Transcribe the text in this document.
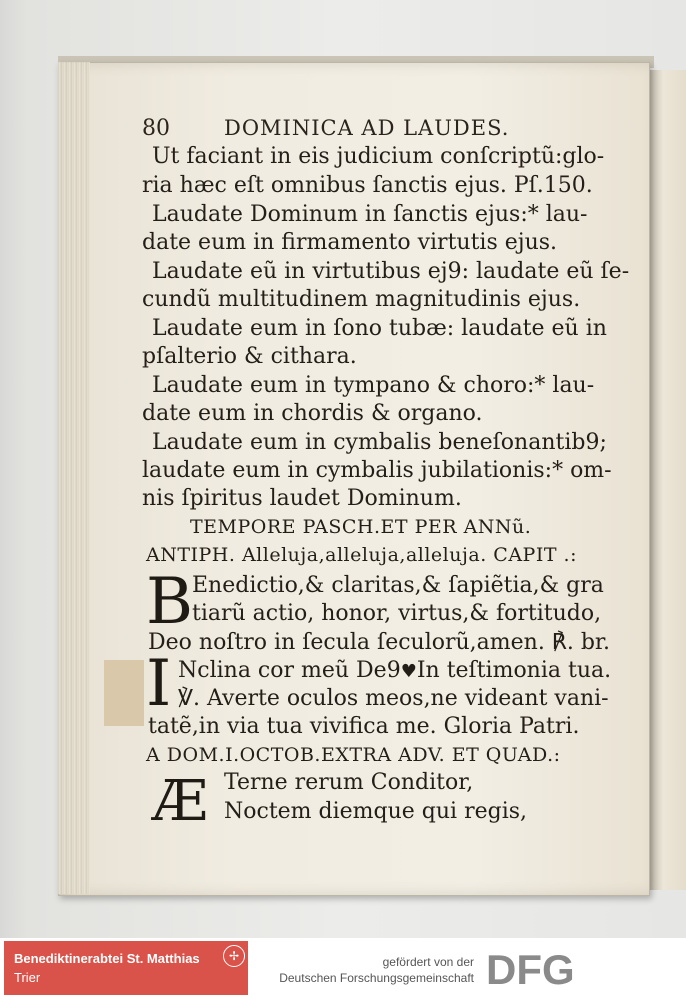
80	DOMINICA AD LAUDES.
Ut faciant in eis judicium conſcriptũ:glo-
ria hæc eſt omnibus ſanctis ejus. Pſ.150.
Laudate Dominum in ſanctis ejus:* lau-
date eum in firmamento virtutis ejus.
Laudate eũ in virtutibus ej9: laudate eũ ſe-
cundũ multitudinem magnitudinis ejus.
Laudate eum in ſono tubæ: laudate eũ in
pſalterio & cithara.
Laudate eum in tympano & choro:* lau-
date eum in chordis & organo.
Laudate eum in cymbalis beneſonantib9;
laudate eum in cymbalis jubilationis:* om-
nis ſpiritus laudet Dominum.
TEMPORE PASCH.ET PER ANNũ.
ANTIPH. Alleluja,alleluja,alleluja. CAPIT .:
B
Enedictio,& claritas,& ſapiẽtia,& gra
tiarũ actio, honor, virtus,& fortitudo,
Deo noſtro in ſecula ſeculorũ,amen. ℟. br.
I Nclina cor meũ De9♥In teſtimonia tua.
℣. Averte oculos meos,ne videant vani-
tatẽ,in via tua vivifica me. Gloria Patri.
A DOM.I.OCTOB.EXTRA ADV. ET QUAD.:
Æ Terne rerum Conditor,
Noctem diemque qui regis,
Benediktinerabtei St. Matthias
Trier
✢	gefördert von der
Deutschen Forschungsgemeinschaft DFG
